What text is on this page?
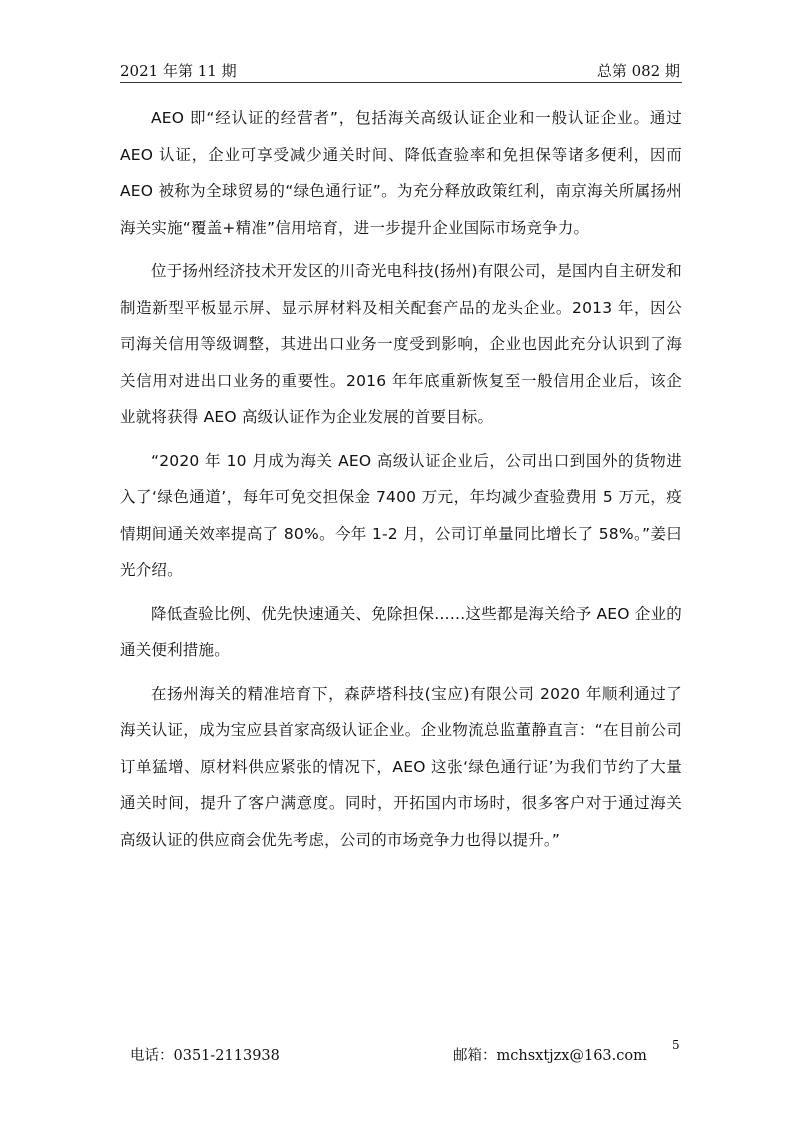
2021 年第 11 期	总第 082 期

AEO 即“经认证的经营者”，包括海关高级认证企业和一般认证企业。通过 AEO 认证，企业可享受减少通关时间、降低查验率和免担保等诸多便利，因而 AEO 被称为全球贸易的“绿色通行证”。为充分释放政策红利，南京海关所属扬州海关实施“覆盖+精准”信用培育，进一步提升企业国际市场竞争力。

位于扬州经济技术开发区的川奇光电科技(扬州)有限公司，是国内自主研发和制造新型平板显示屏、显示屏材料及相关配套产品的龙头企业。2013 年，因公司海关信用等级调整，其进出口业务一度受到影响，企业也因此充分认识到了海关信用对进出口业务的重要性。2016 年年底重新恢复至一般信用企业后，该企业就将获得 AEO 高级认证作为企业发展的首要目标。

“2020 年 10 月成为海关 AEO 高级认证企业后，公司出口到国外的货物进入了‘绿色通道’，每年可免交担保金 7400 万元，年均减少查验费用 5 万元，疫情期间通关效率提高了 80%。今年 1-2 月，公司订单量同比增长了 58%。”姜曰光介绍。

降低查验比例、优先快速通关、免除担保……这些都是海关给予 AEO 企业的通关便利措施。

在扬州海关的精准培育下，森萨塔科技(宝应)有限公司 2020 年顺利通过了海关认证，成为宝应县首家高级认证企业。企业物流总监董静直言：“在目前公司订单猛增、原材料供应紧张的情况下，AEO 这张‘绿色通行证’为我们节约了大量通关时间，提升了客户满意度。同时，开拓国内市场时，很多客户对于通过海关高级认证的供应商会优先考虑，公司的市场竞争力也得以提升。”

电话：0351-2113938	邮箱：mchsxtjzx@163.com
5
